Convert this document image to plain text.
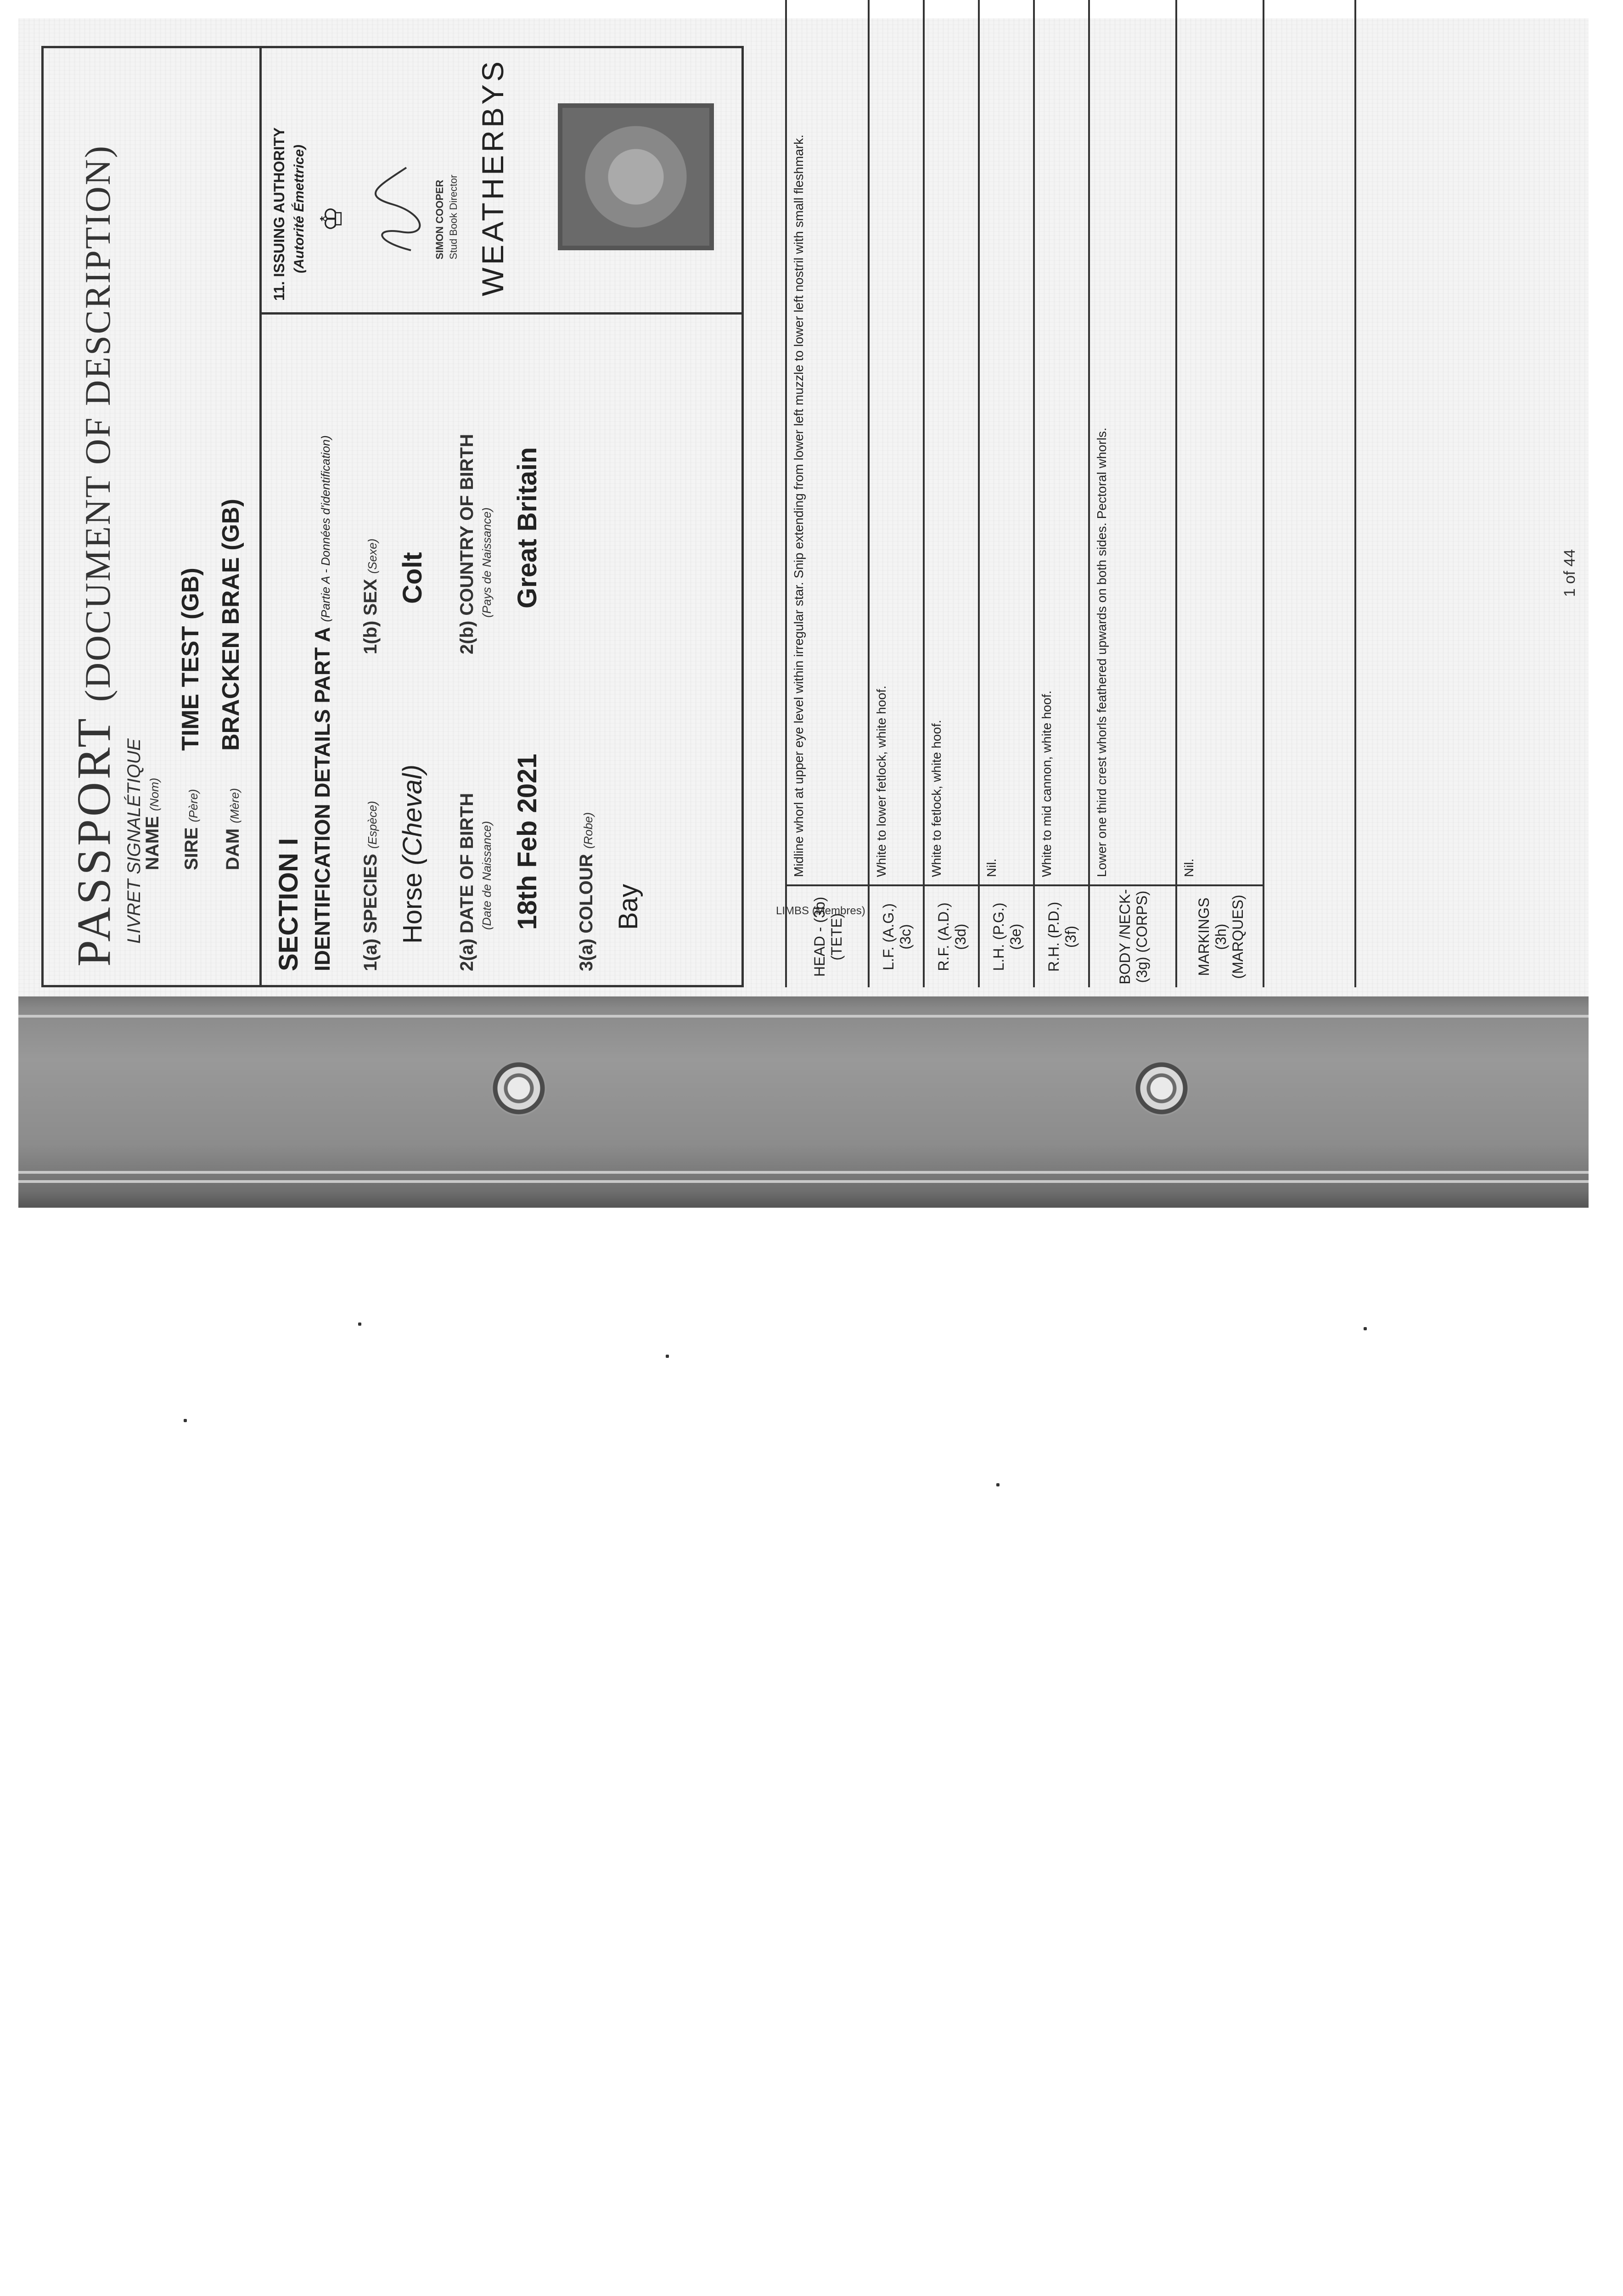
PASSPORT (DOCUMENT OF DESCRIPTION)
LIVRET SIGNALÉTIQUE
NAME (Nom)
SIRE (Père)
TIME TEST (GB)
DAM (Mère)
BRACKEN BRAE (GB)
SECTION I IDENTIFICATION DETAILS PART A (Partie A - Données d'identification)
1(a) SPECIES (Espèce)
Horse (Cheval)
1(b) SEX (Sexe) Colt
2(a) DATE OF BIRTH (Date de Naissance) 18th Feb 2021
2(b) COUNTRY OF BIRTH (Pays de Naissance) Great Britain
3(a) COLOUR (Robe)
Bay
11. ISSUING AUTHORITY (Autorité Émettrice) ♔	SIMON COOPER Stud Book Director WEATHERBYS
LIMBS (Membres)
HEAD - (3b) (TETE)
Midline whorl at upper eye level within irregular star. Snip extending from lower left muzzle to lower left nostril with small fleshmark.
L.F. (A.G.) (3c)
White to lower fetlock, white hoof.
R.F. (A.D.) (3d)
White to fetlock, white hoof.
L.H. (P.G.) (3e)
Nil.
R.H. (P.D.) (3f)
White to mid cannon, white hoof.
BODY /NECK- (3g) (CORPS)
Lower one third crest whorls feathered upwards on both sides. Pectoral whorls.
MARKINGS (3h) (MARQUES)
Nil.
1 of 44
